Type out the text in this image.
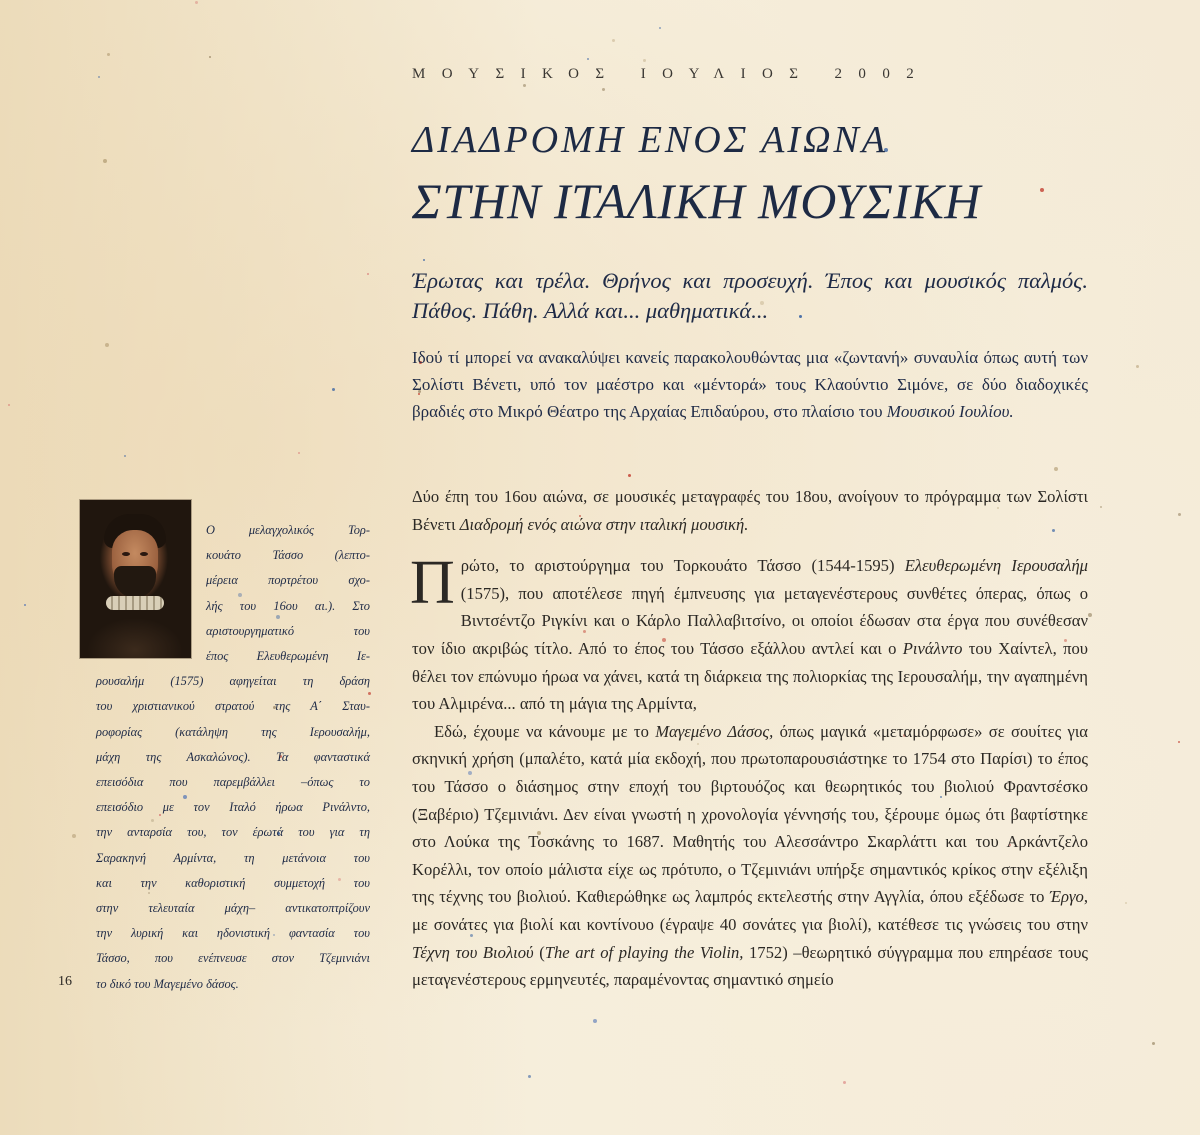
ΜΟΥΣΙΚΟΣ ΙΟΥΛΙΟΣ 2002
ΔΙΑΔΡΟΜΗ ΕΝΟΣ ΑΙΩΝΑ
ΣΤΗΝ ΙΤΑΛΙΚΗ ΜΟΥΣΙΚΗ
Έρωτας και τρέλα. Θρήνος και προσευχή. Έπος και μουσικός παλμός. Πάθος. Πάθη. Αλλά και... μαθηματικά...
Ιδού τί μπορεί να ανακαλύψει κανείς παρακολουθώντας μια «ζωντανή» συναυλία όπως αυτή των Σολίστι Βένετι, υπό τον μαέστρο και «μέντορά» τους Κλαούντιο Σιμόνε, σε δύο διαδοχικές βραδιές στο Μικρό Θέατρο της Αρχαίας Επιδαύρου, στο πλαίσιο του Μουσικού Ιουλίου.

Δύο έπη του 16ου αιώνα, σε μουσικές μεταγραφές του 18ου, ανοίγουν το πρόγραμμα των Σολίστι Βένετι Διαδρομή ενός αιώνα στην ιταλική μουσική.

Πρώτο, το αριστούργημα του Τορκουάτο Τάσσο (1544-1595) Ελευθερωμένη Ιερουσαλήμ (1575), που αποτέλεσε πηγή έμπνευσης για μεταγενέστερους συνθέτες όπερας, όπως ο Βιντσέντζο Ριγκίνι και ο Κάρλο Παλλαβιτσίνο, οι οποίοι έδωσαν στα έργα που συνέθεσαν τον ίδιο ακριβώς τίτλο. Από το έπος του Τάσσο εξάλλου αντλεί και ο Ρινάλντο του Χαίντελ, που θέλει τον επώνυμο ήρωα να χάνει, κατά τη διάρκεια της πολιορκίας της Ιερουσαλήμ, την αγαπημένη του Αλμιρένα... από τη μάγια της Αρμίντα,

Εδώ, έχουμε να κάνουμε με το Μαγεμένο Δάσος, όπως μαγικά «μεταμόρφωσε» σε σουίτες για σκηνική χρήση (μπαλέτο, κατά μία εκδοχή, που πρωτοπαρουσιάστηκε το 1754 στο Παρίσι) το έπος του Τάσσο ο διάσημος στην εποχή του βιρτουόζος και θεωρητικός του βιολιού Φραντσέσκο (Ξαβέριο) Τζεμινιάνι. Δεν είναι γνωστή η χρονολογία γέννησής του, ξέρουμε όμως ότι βαφτίστηκε στο Λούκα της Τοσκάνης το 1687. Μαθητής του Αλεσσάντρο Σκαρλάττι και του Αρκάντζελο Κορέλλι, τον οποίο μάλιστα είχε ως πρότυπο, ο Τζεμινιάνι υπήρξε σημαντικός κρίκος στην εξέλιξη της τέχνης του βιολιού. Καθιερώθηκε ως λαμπρός εκτελεστής στην Αγγλία, όπου εξέδωσε το Έργο, με σονάτες για βιολί και κοντίνουο (έγραψε 40 σονάτες για βιολί), κατέθεσε τις γνώσεις του στην Τέχνη του Βιολιού (The art of playing the Violin, 1752) –θεωρητικό σύγγραμμα που επηρέασε τους μεταγενέστερους ερμηνευτές, παραμένοντας σημαντικό σημείο

Ο μελαγχολικός Τορ-
κουάτο Τάσσο (λεπτο-
μέρεια πορτρέτου σχο-
λής του 16ου αι.). Στο
αριστουργηματικό του
έπος Ελευθερωμένη Ιε-
ρουσαλήμ (1575) αφηγείται τη δράση
του χριστιανικού στρατού της Α΄ Σταυ-
ροφορίας (κατάληψη της Ιερουσαλήμ,
μάχη της Ασκαλώνος). Τα φανταστικά
επεισόδια που παρεμβάλλει –όπως το
επεισόδιο με τον Ιταλό ήρωα Ρινάλντο,
την ανταρσία του, τον έρωτά του για τη
Σαρακηνή Αρμίντα, τη μετάνοια του
και την καθοριστική συμμετοχή του
στην τελευταία μάχη– αντικατοπτρίζουν
την λυρική και ηδονιστική φαντασία του
Τάσσο, που ενέπνευσε στον Τζεμινιάνι
το δικό του Μαγεμένο δάσος.
16
